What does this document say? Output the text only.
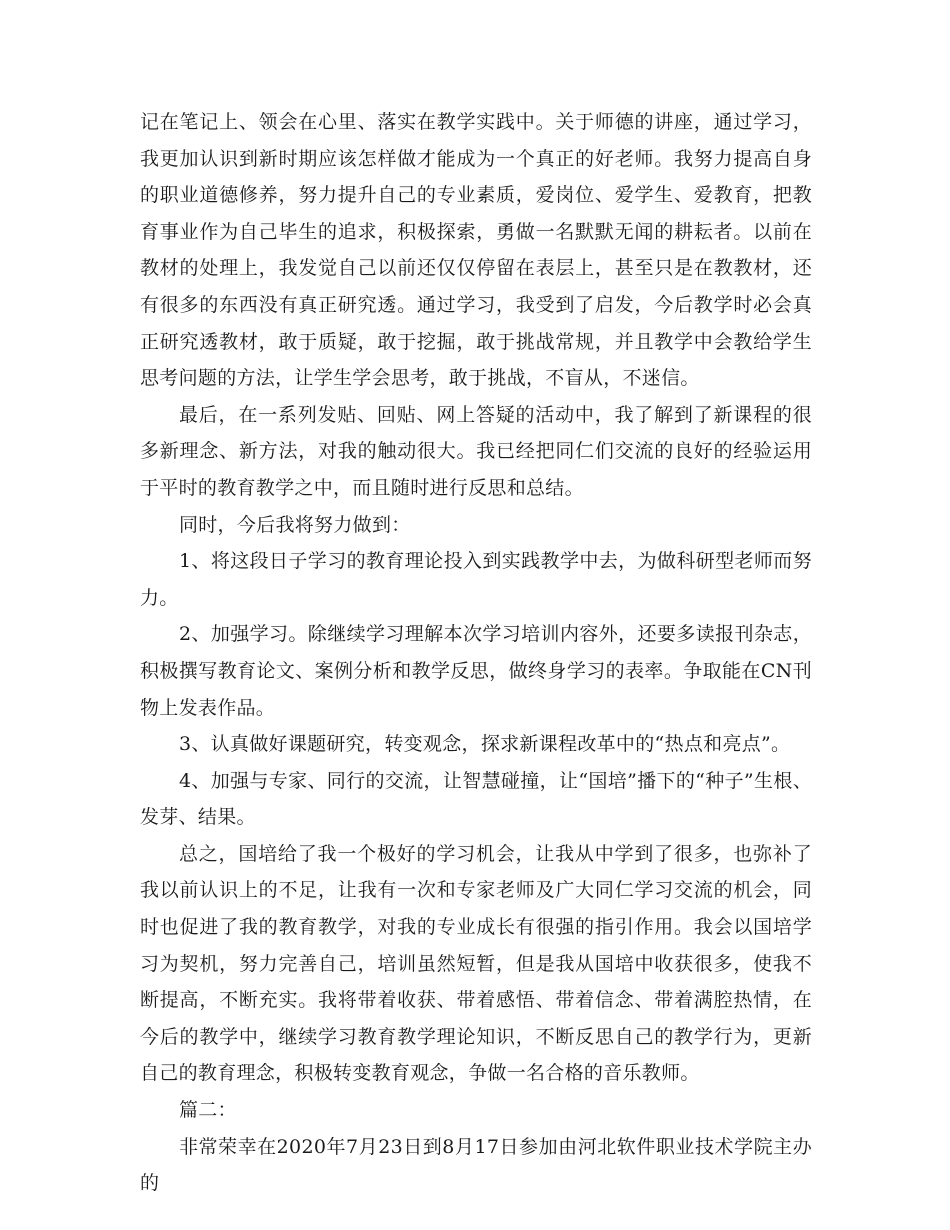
记在笔记上、领会在心里、落实在教学实践中。关于师德的讲座，通过学习，我更加认识到新时期应该怎样做才能成为一个真正的好老师。我努力提高自身的职业道德修养，努力提升自己的专业素质，爱岗位、爱学生、爱教育，把教育事业作为自己毕生的追求，积极探索，勇做一名默默无闻的耕耘者。以前在教材的处理上，我发觉自己以前还仅仅停留在表层上，甚至只是在教教材，还有很多的东西没有真正研究透。通过学习，我受到了启发，今后教学时必会真正研究透教材，敢于质疑，敢于挖掘，敢于挑战常规，并且教学中会教给学生思考问题的方法，让学生学会思考，敢于挑战，不盲从，不迷信。

最后，在一系列发贴、回贴、网上答疑的活动中，我了解到了新课程的很多新理念、新方法，对我的触动很大。我已经把同仁们交流的良好的经验运用于平时的教育教学之中，而且随时进行反思和总结。

同时，今后我将努力做到：

1、将这段日子学习的教育理论投入到实践教学中去，为做科研型老师而努力。

2、加强学习。除继续学习理解本次学习培训内容外，还要多读报刊杂志，积极撰写教育论文、案例分析和教学反思，做终身学习的表率。争取能在CN刊物上发表作品。

3、认真做好课题研究，转变观念，探求新课程改革中的“热点和亮点”。

4、加强与专家、同行的交流，让智慧碰撞，让“国培”播下的“种子”生根、发芽、结果。

总之，国培给了我一个极好的学习机会，让我从中学到了很多，也弥补了我以前认识上的不足，让我有一次和专家老师及广大同仁学习交流的机会，同时也促进了我的教育教学，对我的专业成长有很强的指引作用。我会以国培学习为契机，努力完善自己，培训虽然短暂，但是我从国培中收获很多，使我不断提高，不断充实。我将带着收获、带着感悟、带着信念、带着满腔热情，在今后的教学中，继续学习教育教学理论知识，不断反思自己的教学行为，更新自己的教育理念，积极转变教育观念，争做一名合格的音乐教师。

篇二：

非常荣幸在2020年7月23日到8月17日参加由河北软件职业技术学院主办的
